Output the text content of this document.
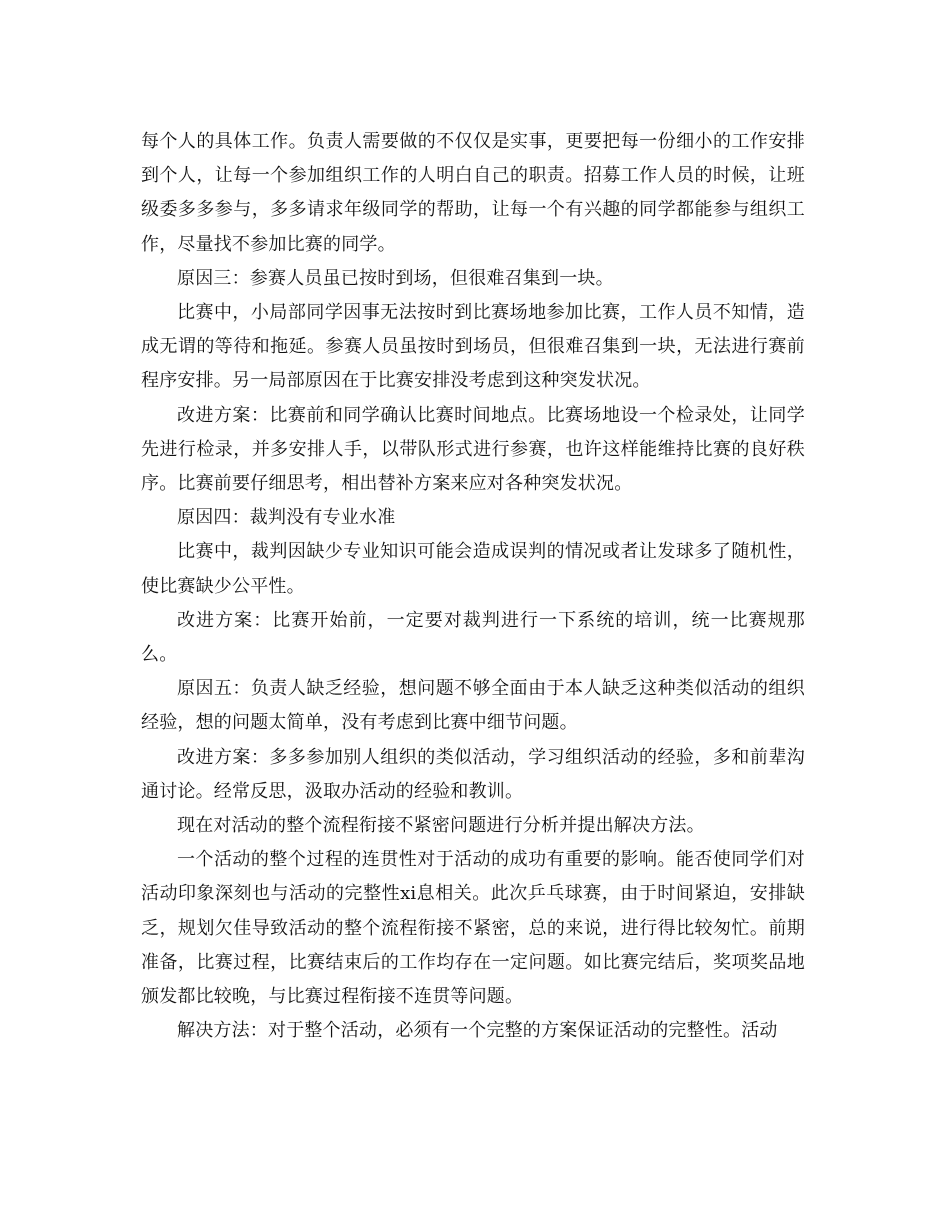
每个人的具体工作。负责人需要做的不仅仅是实事，更要把每一份细小的工作安排到个人，让每一个参加组织工作的人明白自己的职责。招募工作人员的时候，让班级委多多参与，多多请求年级同学的帮助，让每一个有兴趣的同学都能参与组织工作，尽量找不参加比赛的同学。

原因三：参赛人员虽已按时到场，但很难召集到一块。

比赛中，小局部同学因事无法按时到比赛场地参加比赛，工作人员不知情，造成无谓的等待和拖延。参赛人员虽按时到场员，但很难召集到一块，无法进行赛前程序安排。另一局部原因在于比赛安排没考虑到这种突发状况。

改进方案：比赛前和同学确认比赛时间地点。比赛场地设一个检录处，让同学先进行检录，并多安排人手，以带队形式进行参赛，也许这样能维持比赛的良好秩序。比赛前要仔细思考，相出替补方案来应对各种突发状况。

原因四：裁判没有专业水准

比赛中，裁判因缺少专业知识可能会造成误判的情况或者让发球多了随机性，使比赛缺少公平性。

改进方案：比赛开始前，一定要对裁判进行一下系统的培训，统一比赛规那么。

原因五：负责人缺乏经验，想问题不够全面由于本人缺乏这种类似活动的组织经验，想的问题太简单，没有考虑到比赛中细节问题。

改进方案：多多参加别人组织的类似活动，学习组织活动的经验，多和前辈沟通讨论。经常反思，汲取办活动的经验和教训。

现在对活动的整个流程衔接不紧密问题进行分析并提出解决方法。

一个活动的整个过程的连贯性对于活动的成功有重要的影响。能否使同学们对活动印象深刻也与活动的完整性xi息相关。此次乒乓球赛，由于时间紧迫，安排缺乏，规划欠佳导致活动的整个流程衔接不紧密，总的来说，进行得比较匆忙。前期准备，比赛过程，比赛结束后的工作均存在一定问题。如比赛完结后，奖项奖品地颁发都比较晚，与比赛过程衔接不连贯等问题。

解决方法：对于整个活动，必须有一个完整的方案保证活动的完整性。活动
